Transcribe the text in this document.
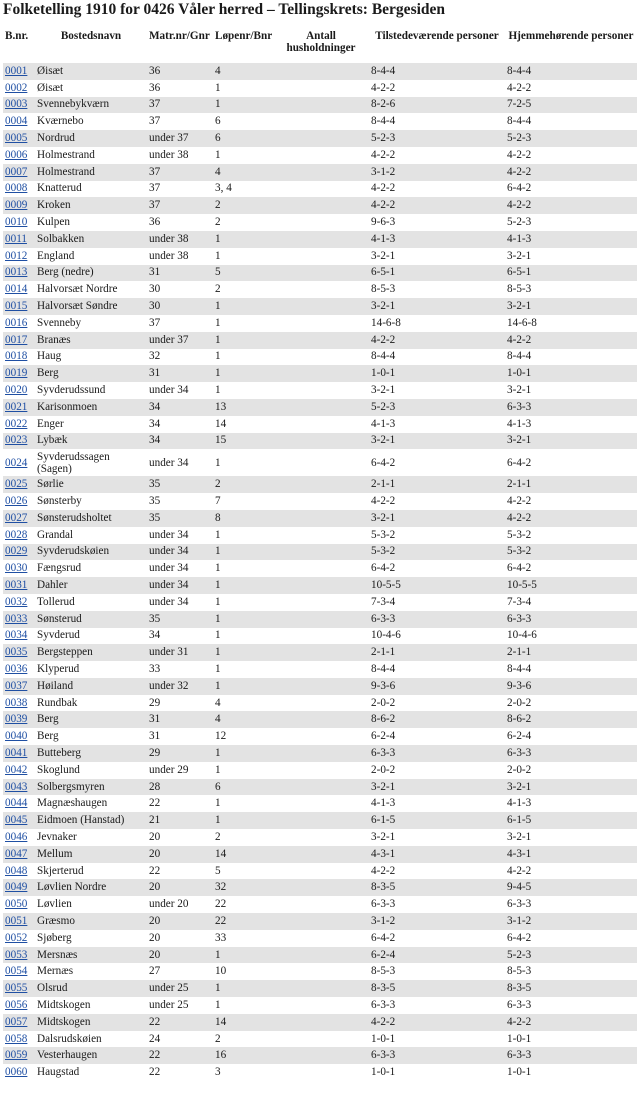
Folketelling 1910 for 0426 Våler herred – Tellingskrets: Bergesiden
B.nr.	Bostedsnavn	Matr.nr/Gnr	Løpenr/Bnr	Antall husholdninger	Tilstedeværende personer	Hjemmehørende personer
0001	Øisæt	36	4		8-4-4	8-4-4
0002	Øisæt	36	1		4-2-2	4-2-2
0003	Svennebykværn	37	1		8-2-6	7-2-5
0004	Kværnebo	37	6		8-4-4	8-4-4
0005	Nordrud	under 37	6		5-2-3	5-2-3
0006	Holmestrand	under 38	1		4-2-2	4-2-2
0007	Holmestrand	37	4		3-1-2	4-2-2
0008	Knatterud	37	3, 4		4-2-2	6-4-2
0009	Kroken	37	2		4-2-2	4-2-2
0010	Kulpen	36	2		9-6-3	5-2-3
0011	Solbakken	under 38	1		4-1-3	4-1-3
0012	England	under 38	1		3-2-1	3-2-1
0013	Berg (nedre)	31	5		6-5-1	6-5-1
0014	Halvorsæt Nordre	30	2		8-5-3	8-5-3
0015	Halvorsæt Søndre	30	1		3-2-1	3-2-1
0016	Svenneby	37	1		14-6-8	14-6-8
0017	Branæs	under 37	1		4-2-2	4-2-2
0018	Haug	32	1		8-4-4	8-4-4
0019	Berg	31	1		1-0-1	1-0-1
0020	Syvderudssund	under 34	1		3-2-1	3-2-1
0021	Karisonmoen	34	13		5-2-3	6-3-3
0022	Enger	34	14		4-1-3	4-1-3
0023	Lybæk	34	15		3-2-1	3-2-1
0024	Syvderudssagen (Sagen)	under 34	1		6-4-2	6-4-2
0025	Sørlie	35	2		2-1-1	2-1-1
0026	Sønsterby	35	7		4-2-2	4-2-2
0027	Sønsterudsholtet	35	8		3-2-1	4-2-2
0028	Grandal	under 34	1		5-3-2	5-3-2
0029	Syvderudskøien	under 34	1		5-3-2	5-3-2
0030	Fængsrud	under 34	1		6-4-2	6-4-2
0031	Dahler	under 34	1		10-5-5	10-5-5
0032	Tollerud	under 34	1		7-3-4	7-3-4
0033	Sønsterud	35	1		6-3-3	6-3-3
0034	Syvderud	34	1		10-4-6	10-4-6
0035	Bergsteppen	under 31	1		2-1-1	2-1-1
0036	Klyperud	33	1		8-4-4	8-4-4
0037	Høiland	under 32	1		9-3-6	9-3-6
0038	Rundbak	29	4		2-0-2	2-0-2
0039	Berg	31	4		8-6-2	8-6-2
0040	Berg	31	12		6-2-4	6-2-4
0041	Butteberg	29	1		6-3-3	6-3-3
0042	Skoglund	under 29	1		2-0-2	2-0-2
0043	Solbergsmyren	28	6		3-2-1	3-2-1
0044	Magnæshaugen	22	1		4-1-3	4-1-3
0045	Eidmoen (Hanstad)	21	1		6-1-5	6-1-5
0046	Jevnaker	20	2		3-2-1	3-2-1
0047	Mellum	20	14		4-3-1	4-3-1
0048	Skjerterud	22	5		4-2-2	4-2-2
0049	Løvlien Nordre	20	32		8-3-5	9-4-5
0050	Løvlien	under 20	22		6-3-3	6-3-3
0051	Græsmo	20	22		3-1-2	3-1-2
0052	Sjøberg	20	33		6-4-2	6-4-2
0053	Mersnæs	20	1		6-2-4	5-2-3
0054	Mernæs	27	10		8-5-3	8-5-3
0055	Olsrud	under 25	1		8-3-5	8-3-5
0056	Midtskogen	under 25	1		6-3-3	6-3-3
0057	Midtskogen	22	14		4-2-2	4-2-2
0058	Dalsrudskøien	24	2		1-0-1	1-0-1
0059	Vesterhaugen	22	16		6-3-3	6-3-3
0060	Haugstad	22	3		1-0-1	1-0-1
